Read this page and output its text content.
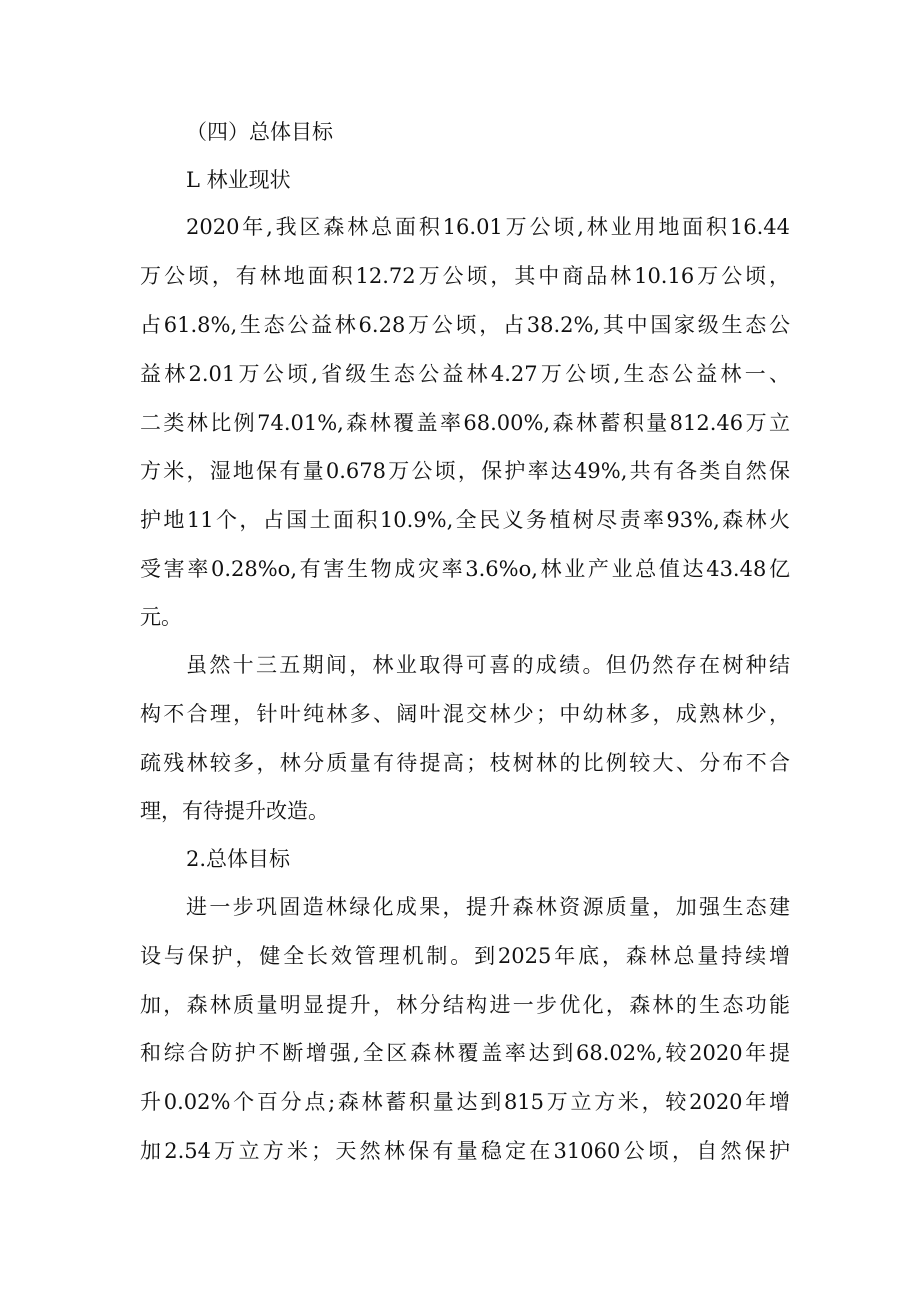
（四）总体目标
L 林业现状
2020年,我区森林总面积16.01万公顷,林业用地面积16.44
万公顷，有林地面积12.72万公顷，其中商品林10.16万公顷，
占61.8%,生态公益林6.28万公顷，占38.2%,其中国家级生态公
益林2.01万公顷,省级生态公益林4.27万公顷,生态公益林一、
二类林比例74.01%,森林覆盖率68.00%,森林蓄积量812.46万立
方米，湿地保有量0.678万公顷，保护率达49%,共有各类自然保
护地11个，占国土面积10.9%,全民义务植树尽责率93%,森林火
受害率0.28%o,有害生物成灾率3.6%o,林业产业总值达43.48亿
元。
虽然十三五期间，林业取得可喜的成绩。但仍然存在树种结
构不合理，针叶纯林多、阔叶混交林少；中幼林多，成熟林少，
疏残林较多，林分质量有待提高；枝树林的比例较大、分布不合
理，有待提升改造。
2.总体目标
进一步巩固造林绿化成果，提升森林资源质量，加强生态建
设与保护，健全长效管理机制。到2025年底，森林总量持续增
加，森林质量明显提升，林分结构进一步优化，森林的生态功能
和综合防护不断增强,全区森林覆盖率达到68.02%,较2020年提
升0.02%个百分点;森林蓄积量达到815万立方米，较2020年增
加2.54万立方米；天然林保有量稳定在31060公顷，自然保护
